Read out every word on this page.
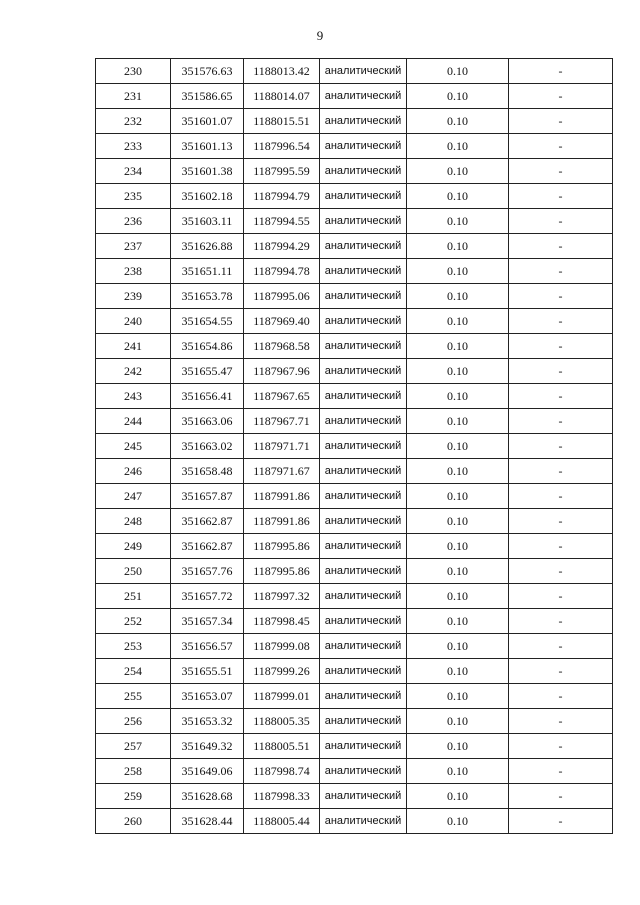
9
230	351576.63	1188013.42	аналитический	0.10	-
231	351586.65	1188014.07	аналитический	0.10	-
232	351601.07	1188015.51	аналитический	0.10	-
233	351601.13	1187996.54	аналитический	0.10	-
234	351601.38	1187995.59	аналитический	0.10	-
235	351602.18	1187994.79	аналитический	0.10	-
236	351603.11	1187994.55	аналитический	0.10	-
237	351626.88	1187994.29	аналитический	0.10	-
238	351651.11	1187994.78	аналитический	0.10	-
239	351653.78	1187995.06	аналитический	0.10	-
240	351654.55	1187969.40	аналитический	0.10	-
241	351654.86	1187968.58	аналитический	0.10	-
242	351655.47	1187967.96	аналитический	0.10	-
243	351656.41	1187967.65	аналитический	0.10	-
244	351663.06	1187967.71	аналитический	0.10	-
245	351663.02	1187971.71	аналитический	0.10	-
246	351658.48	1187971.67	аналитический	0.10	-
247	351657.87	1187991.86	аналитический	0.10	-
248	351662.87	1187991.86	аналитический	0.10	-
249	351662.87	1187995.86	аналитический	0.10	-
250	351657.76	1187995.86	аналитический	0.10	-
251	351657.72	1187997.32	аналитический	0.10	-
252	351657.34	1187998.45	аналитический	0.10	-
253	351656.57	1187999.08	аналитический	0.10	-
254	351655.51	1187999.26	аналитический	0.10	-
255	351653.07	1187999.01	аналитический	0.10	-
256	351653.32	1188005.35	аналитический	0.10	-
257	351649.32	1188005.51	аналитический	0.10	-
258	351649.06	1187998.74	аналитический	0.10	-
259	351628.68	1187998.33	аналитический	0.10	-
260	351628.44	1188005.44	аналитический	0.10	-
